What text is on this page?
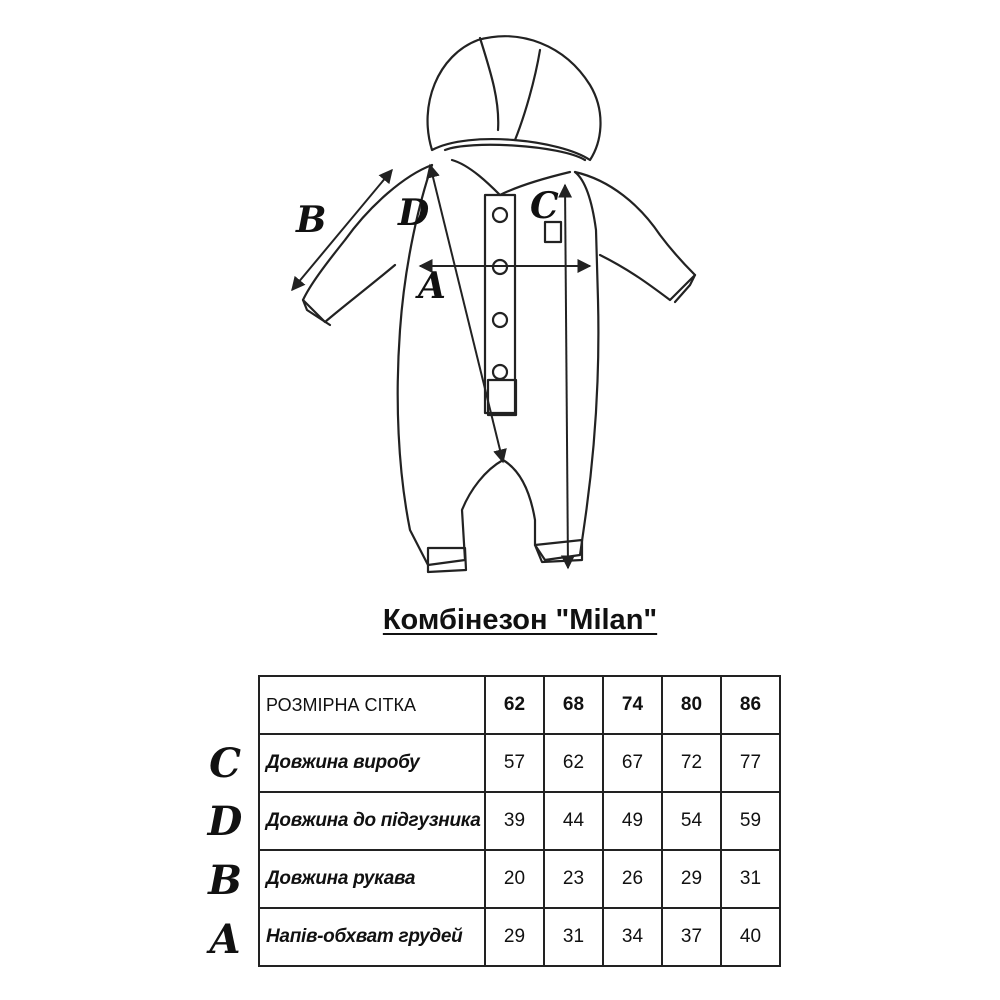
B D	C
A
Комбінезон "Milan"
C
D
B
A
РОЗМІРНА СІТКА	62	68	74	80	86
Довжина виробу	57	62	67	72	77
Довжина до підгузника	39	44	49	54	59
Довжина рукава	20	23	26	29	31
Напів-обхват грудей	29	31	34	37	40
